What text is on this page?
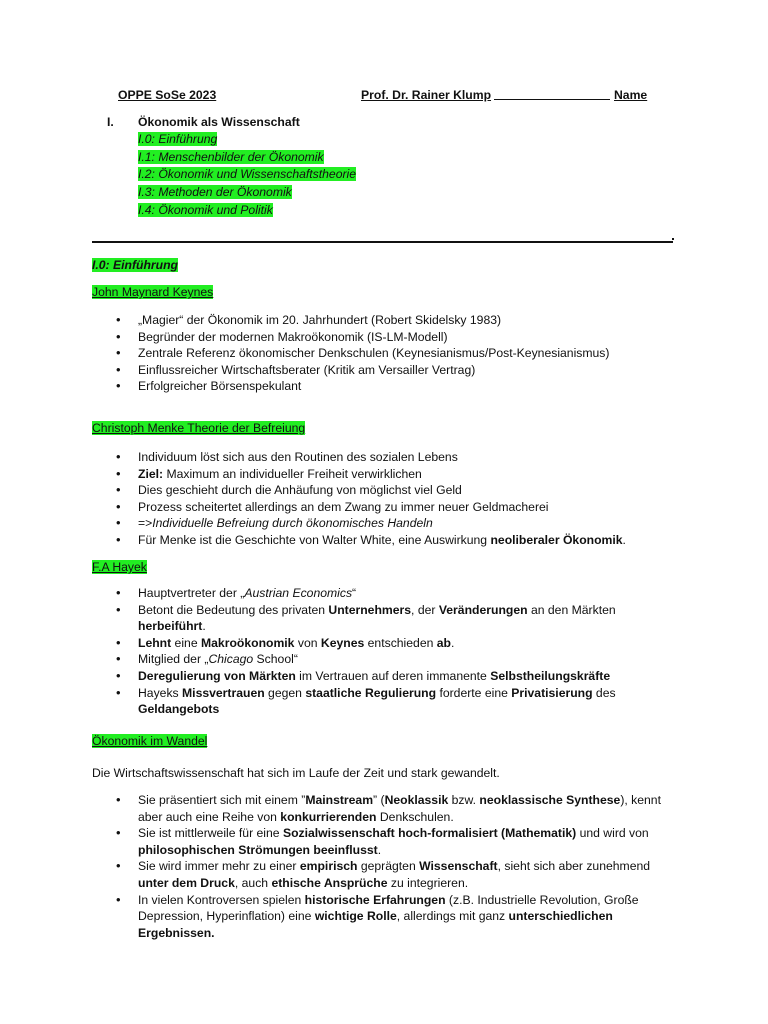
OPPE SoSe 2023	Prof. Dr. Rainer Klump	Name
I. Ökonomik als Wissenschaft
I.0: Einführung
I.1: Menschenbilder der Ökonomik
I.2: Ökonomik und Wissenschaftstheorie
I.3: Methoden der Ökonomik
I.4: Ökonomik und Politik
I.0: Einführung
John Maynard Keynes
• „Magier“ der Ökonomik im 20. Jahrhundert (Robert Skidelsky 1983)
• Begründer der modernen Makroökonomik (IS-LM-Modell)
• Zentrale Referenz ökonomischer Denkschulen (Keynesianismus/Post-Keynesianismus)
• Einflussreicher Wirtschaftsberater (Kritik am Versailler Vertrag)
• Erfolgreicher Börsenspekulant
Christoph Menke Theorie der Befreiung
• Individuum löst sich aus den Routinen des sozialen Lebens
• Ziel: Maximum an individueller Freiheit verwirklichen
• Dies geschieht durch die Anhäufung von möglichst viel Geld
• Prozess scheitertet allerdings an dem Zwang zu immer neuer Geldmacherei
• =>Individuelle Befreiung durch ökonomisches Handeln
• Für Menke ist die Geschichte von Walter White, eine Auswirkung neoliberaler Ökonomik.
F.A Hayek
• Hauptvertreter der „Austrian Economics“
• Betont die Bedeutung des privaten Unternehmers, der Veränderungen an den Märkten herbeiführt.
• Lehnt eine Makroökonomik von Keynes entschieden ab.
• Mitglied der „Chicago School“
• Deregulierung von Märkten im Vertrauen auf deren immanente Selbstheilungskräfte
• Hayeks Missvertrauen gegen staatliche Regulierung forderte eine Privatisierung des Geldangebots
Ökonomik im Wandel
Die Wirtschaftswissenschaft hat sich im Laufe der Zeit und stark gewandelt.
• Sie präsentiert sich mit einem ”Mainstream” (Neoklassik bzw. neoklassische Synthese), kennt aber auch eine Reihe von konkurrierenden Denkschulen.
• Sie ist mittlerweile für eine Sozialwissenschaft hoch-formalisiert (Mathematik) und wird von philosophischen Strömungen beeinflusst.
• Sie wird immer mehr zu einer empirisch geprägten Wissenschaft, sieht sich aber zunehmend unter dem Druck, auch ethische Ansprüche zu integrieren.
• In vielen Kontroversen spielen historische Erfahrungen (z.B. Industrielle Revolution, Große Depression, Hyperinflation) eine wichtige Rolle, allerdings mit ganz unterschiedlichen Ergebnissen.
